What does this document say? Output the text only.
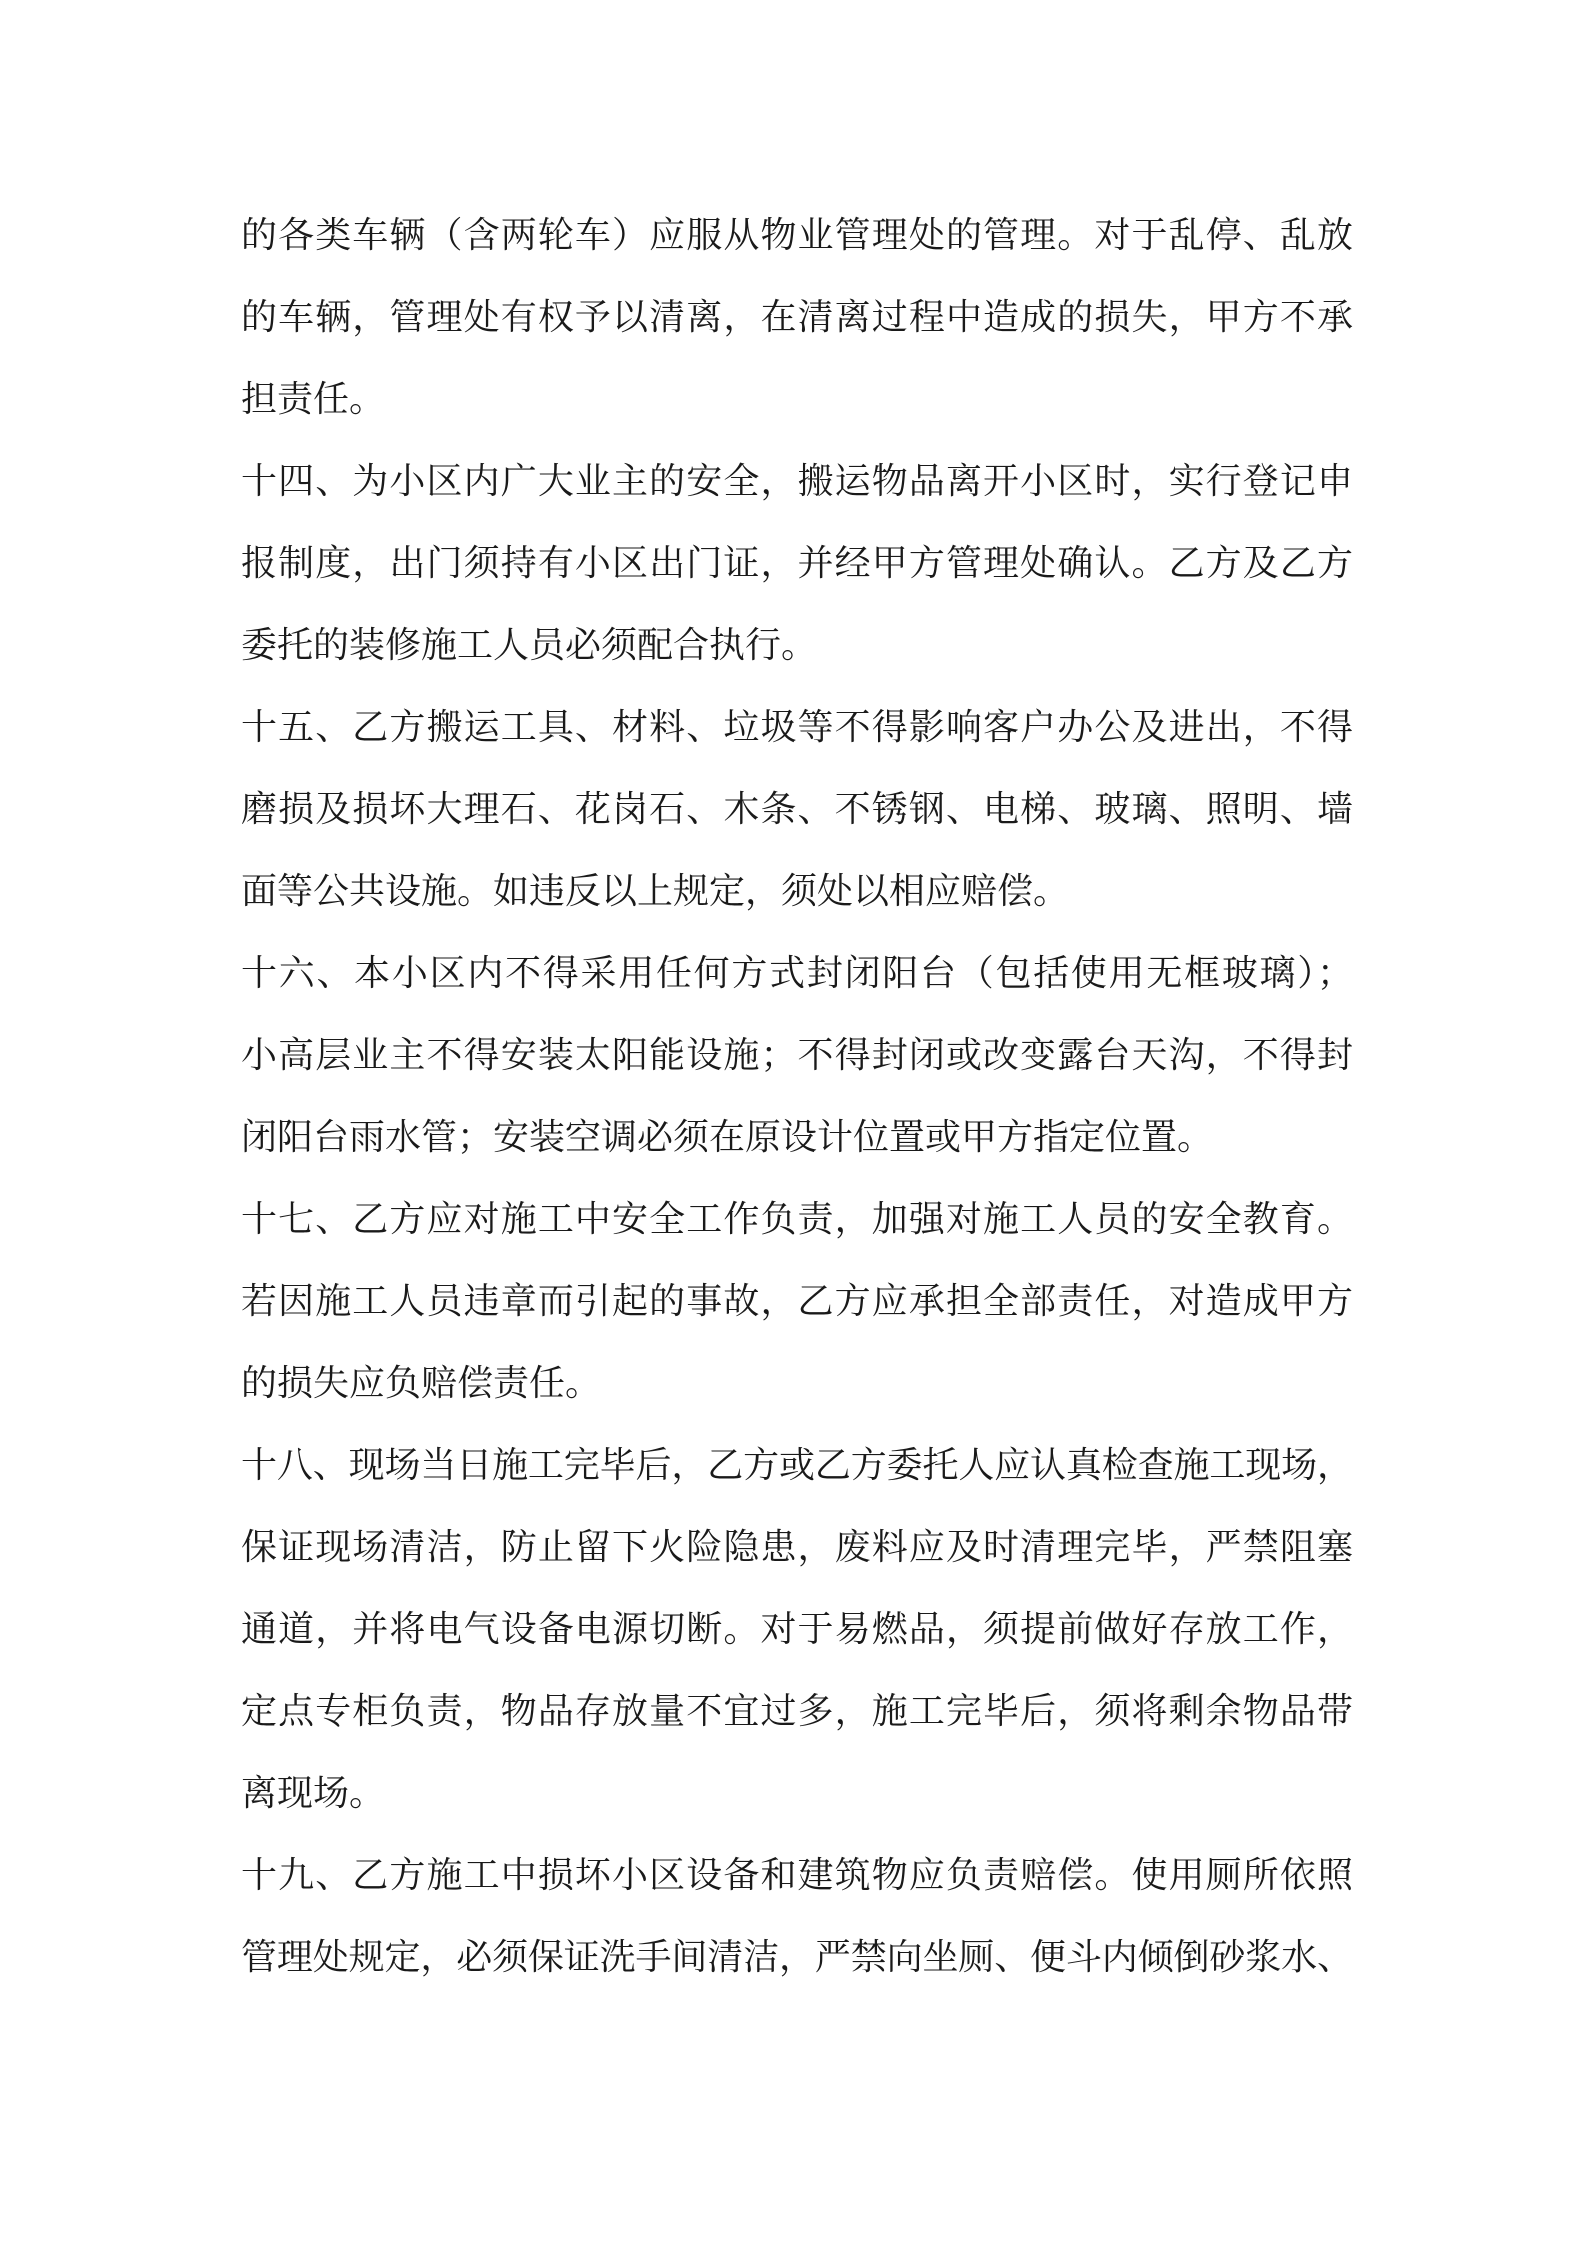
的各类车辆（含两轮车）应服从物业管理处的管理。对于乱停、乱放
的车辆，管理处有权予以清离，在清离过程中造成的损失，甲方不承
担责任。
十四、为小区内广大业主的安全，搬运物品离开小区时，实行登记申
报制度，出门须持有小区出门证，并经甲方管理处确认。乙方及乙方
委托的装修施工人员必须配合执行。
十五、乙方搬运工具、材料、垃圾等不得影响客户办公及进出，不得
磨损及损坏大理石、花岗石、木条、不锈钢、电梯、玻璃、照明、墙
面等公共设施。如违反以上规定，须处以相应赔偿。
十六、本小区内不得采用任何方式封闭阳台（包括使用无框玻璃）；
小高层业主不得安装太阳能设施；不得封闭或改变露台天沟，不得封
闭阳台雨水管；安装空调必须在原设计位置或甲方指定位置。
十七、乙方应对施工中安全工作负责，加强对施工人员的安全教育。
若因施工人员违章而引起的事故，乙方应承担全部责任，对造成甲方
的损失应负赔偿责任。
十八、现场当日施工完毕后，乙方或乙方委托人应认真检查施工现场，
保证现场清洁，防止留下火险隐患，废料应及时清理完毕，严禁阻塞
通道，并将电气设备电源切断。对于易燃品，须提前做好存放工作，
定点专柜负责，物品存放量不宜过多，施工完毕后，须将剩余物品带
离现场。
十九、乙方施工中损坏小区设备和建筑物应负责赔偿。使用厕所依照
管理处规定，必须保证洗手间清洁，严禁向坐厕、便斗内倾倒砂浆水、
